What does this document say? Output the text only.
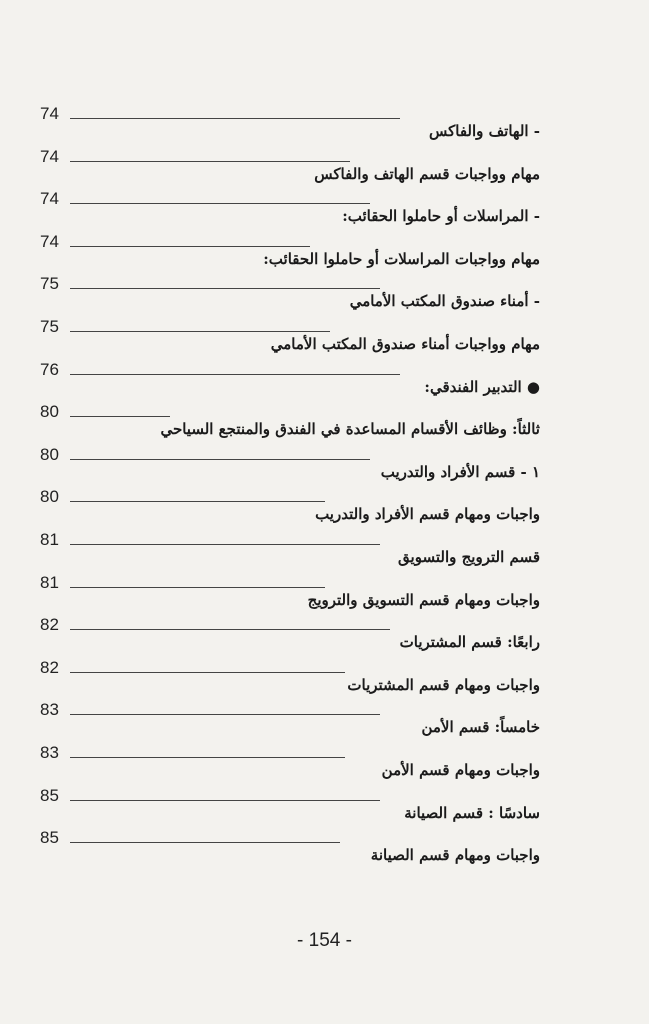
74
- الهاتف والفاكس
74
مهام وواجبات قسم الهاتف والفاكس
74
- المراسلات أو حاملوا الحقائب:
74
مهام وواجبات المراسلات أو حاملوا الحقائب:
75
- أمناء صندوق المكتب الأمامي
75
مهام وواجبات أمناء صندوق المكتب الأمامي
76
● التدبير الفندقي:
80
ثالثاً: وظائف الأقسام المساعدة في الفندق والمنتجع السياحي
80
١ - قسم الأفراد والتدريب
80
واجبات ومهام قسم الأفراد والتدريب
81
قسم الترويج والتسويق
81
واجبات ومهام قسم التسويق والترويج
82
رابعًا: قسم المشتريات
82
واجبات ومهام قسم المشتريات
83
خامساً: قسم الأمن
83
واجبات ومهام قسم الأمن
85
سادسًا : قسم الصيانة
85
واجبات ومهام قسم الصيانة
- 154 -
